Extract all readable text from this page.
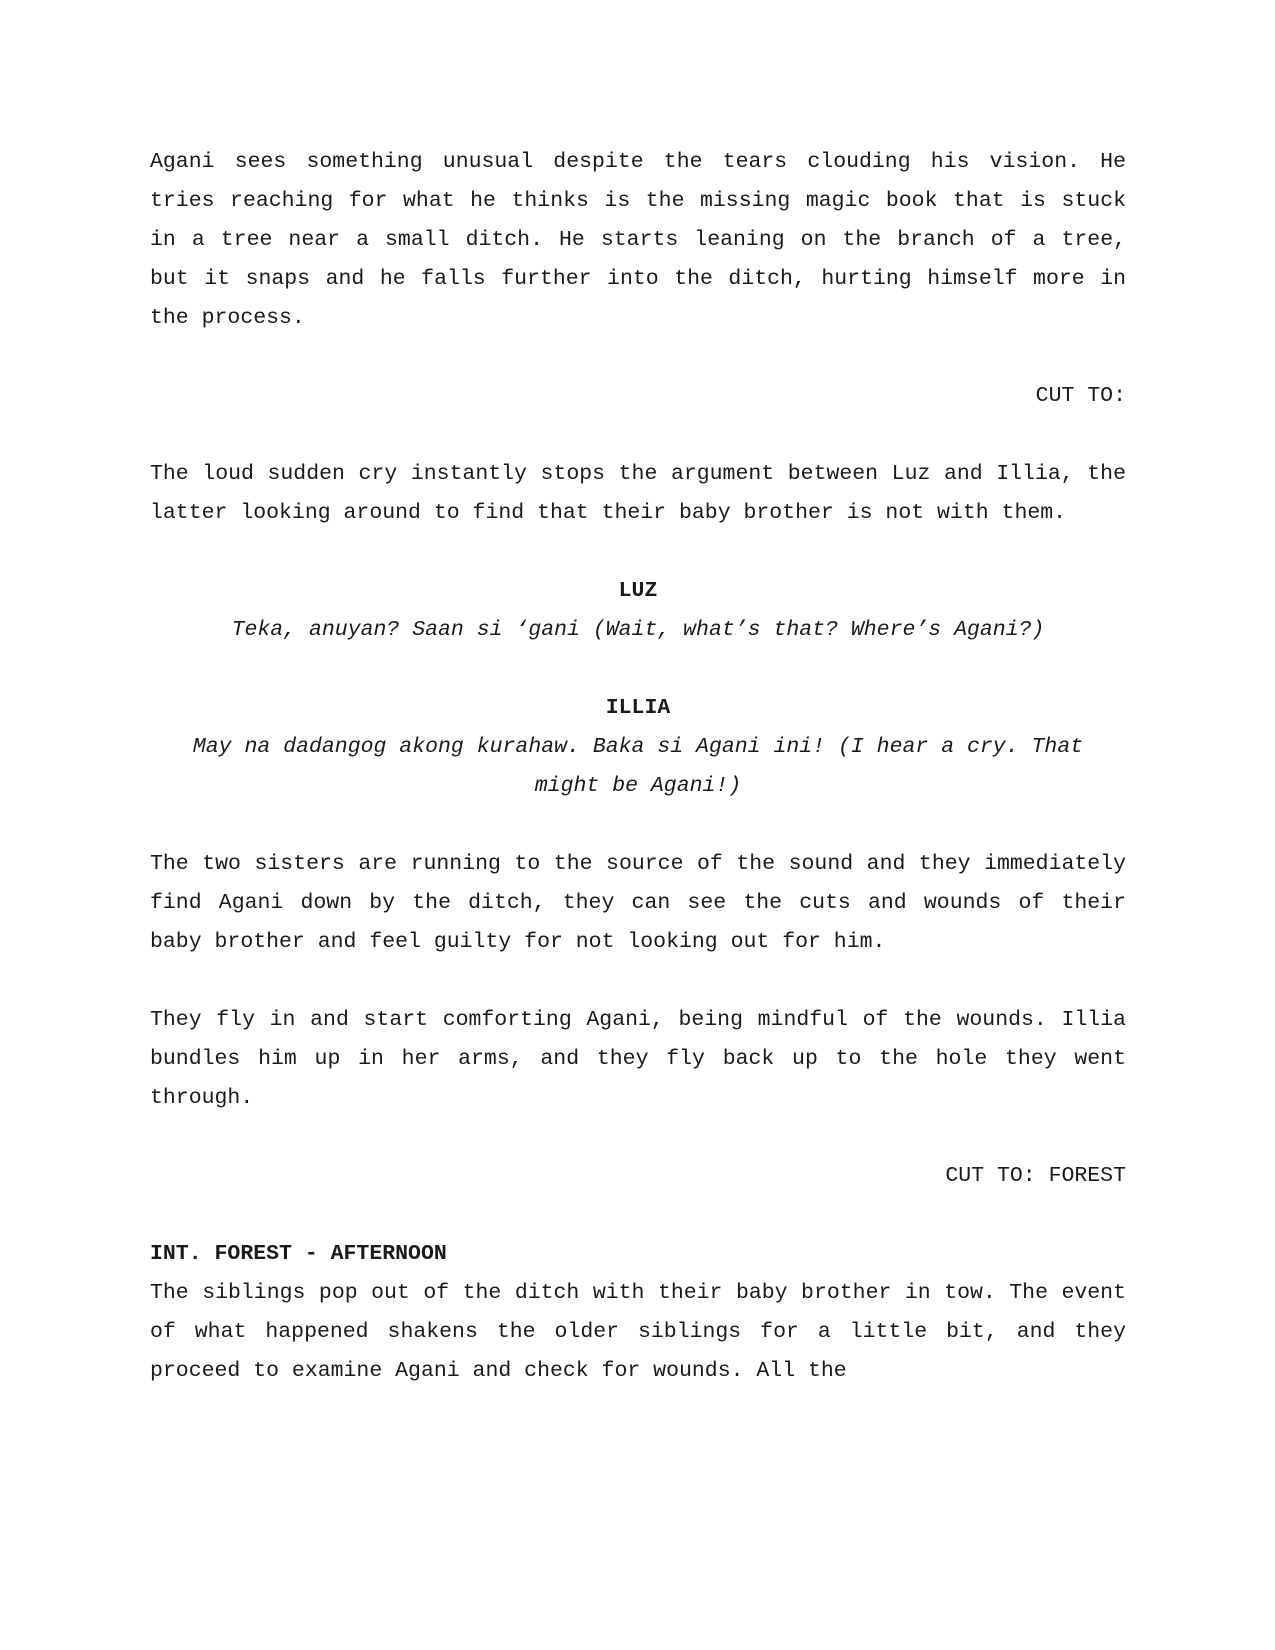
Agani sees something unusual despite the tears clouding his vision. He tries reaching for what he thinks is the missing magic book that is stuck in a tree near a small ditch. He starts leaning on the branch of a tree, but it snaps and he falls further into the ditch, hurting himself more in the process.

CUT TO:

The loud sudden cry instantly stops the argument between Luz and Illia, the latter looking around to find that their baby brother is not with them.

LUZ

Teka, anuyan? Saan si ‘gani (Wait, what’s that? Where’s Agani?)

ILLIA

May na dadangog akong kurahaw. Baka si Agani ini! (I hear a cry. That

might be Agani!)

The two sisters are running to the source of the sound and they immediately find Agani down by the ditch, they can see the cuts and wounds of their baby brother and feel guilty for not looking out for him.

They fly in and start comforting Agani, being mindful of the wounds. Illia bundles him up in her arms, and they fly back up to the hole they went through.

CUT TO: FOREST

INT. FOREST - AFTERNOON

The siblings pop out of the ditch with their baby brother in tow. The event of what happened shakens the older siblings for a little bit, and they proceed to examine Agani and check for wounds. All the
